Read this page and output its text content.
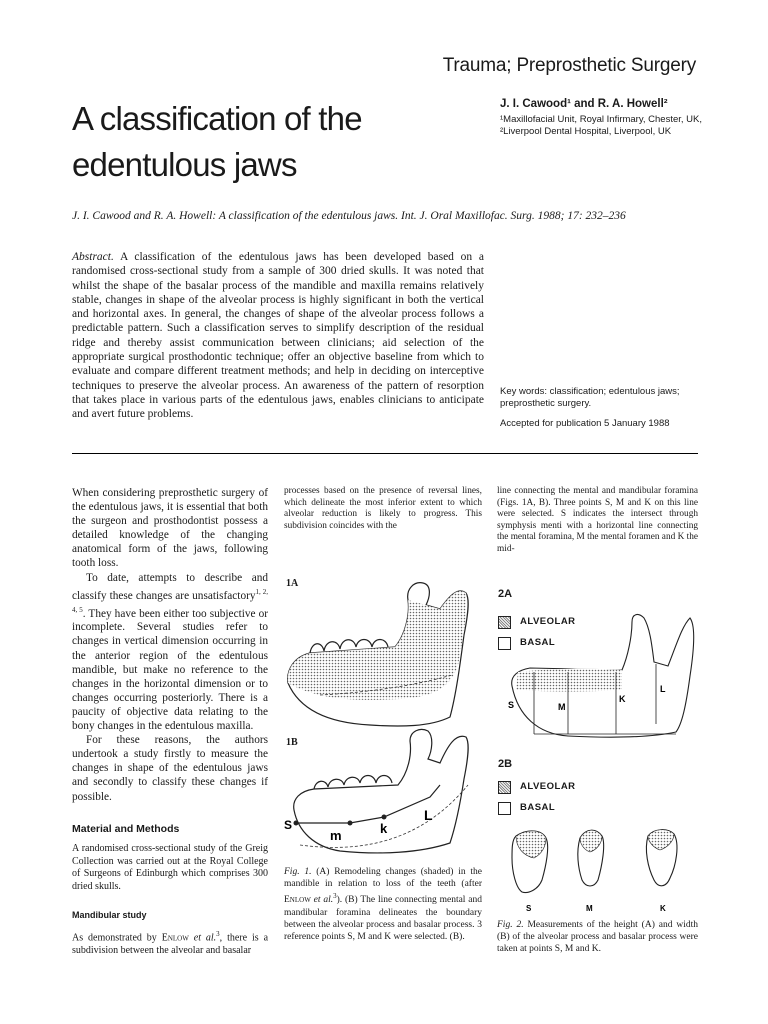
Trauma; Preprosthetic Surgery
A classification of the edentulous jaws
J. I. Cawood¹ and R. A. Howell²
¹Maxillofacial Unit, Royal Infirmary, Chester, UK, ²Liverpool Dental Hospital, Liverpool, UK
J. I. Cawood and R. A. Howell: A classification of the edentulous jaws. Int. J. Oral Maxillofac. Surg. 1988; 17: 232–236
Abstract. A classification of the edentulous jaws has been developed based on a randomised cross-sectional study from a sample of 300 dried skulls. It was noted that whilst the shape of the basalar process of the mandible and maxilla remains relatively stable, changes in shape of the alveolar process is highly significant in both the vertical and horizontal axes. In general, the changes of shape of the alveolar process follows a predictable pattern. Such a classification serves to simplify description of the residual ridge and thereby assist communication between clinicians; aid selection of the appropriate surgical prosthodontic technique; offer an objective baseline from which to evaluate and compare different treatment methods; and help in deciding on interceptive techniques to preserve the alveolar process. An awareness of the pattern of resorption that takes place in various parts of the edentulous jaws, enables clinicians to anticipate and avert future problems.
Key words: classification; edentulous jaws; preprosthetic surgery.
Accepted for publication 5 January 1988

When considering preprosthetic surgery of the edentulous jaws, it is essential that both the surgeon and prosthodontist possess a detailed knowledge of the changing anatomical form of the jaws, following tooth loss.

To date, attempts to describe and classify these changes are unsatisfactory$^{1, 2, 4, 5}$. They have been either too subjective or incomplete. Several studies refer to changes in vertical dimension occurring in the anterior region of the edentulous mandible, but make no reference to the changes in the horizontal dimension or to changes occurring posteriorly. There is a paucity of objective data relating to the bony changes in the edentulous maxilla.

For these reasons, the authors undertook a study firstly to measure the changes in shape of the edentulous jaws and secondly to classify these changes if possible.

Material and Methods
A randomised cross-sectional study of the Greig Collection was carried out at the Royal College of Surgeons of Edinburgh which comprises 300 dried skulls.
Mandibular study
As demonstrated by Enlow et al.$^3$, there is a subdivision between the alveolar and basalar
processes based on the presence of reversal lines, which delineate the most inferior extent to which alveolar reduction is likely to progress. This subdivision coincides with the
1A
1B
S
m	k
L
Fig. 1. (A) Remodeling changes (shaded) in the mandible in relation to loss of the teeth (after Enlow et al.$^3$). (B) The line connecting mental and mandibular foramina delineates the boundary between the alveolar process and basalar process. 3 reference points S, M and K were selected. (B).
line connecting the mental and mandibular foramina (Figs. 1A, B). Three points S, M and K on this line were selected. S indicates the intersect through symphysis menti with a horizontal line connecting the mental foramina, M the mental foramen and K the mid-
2A
ALVEOLAR
BASAL
S	M
K
L
2B
ALVEOLAR
BASAL
S	M	K
Fig. 2. Measurements of the height (A) and width (B) of the alveolar process and basalar process were taken at points S, M and K.
